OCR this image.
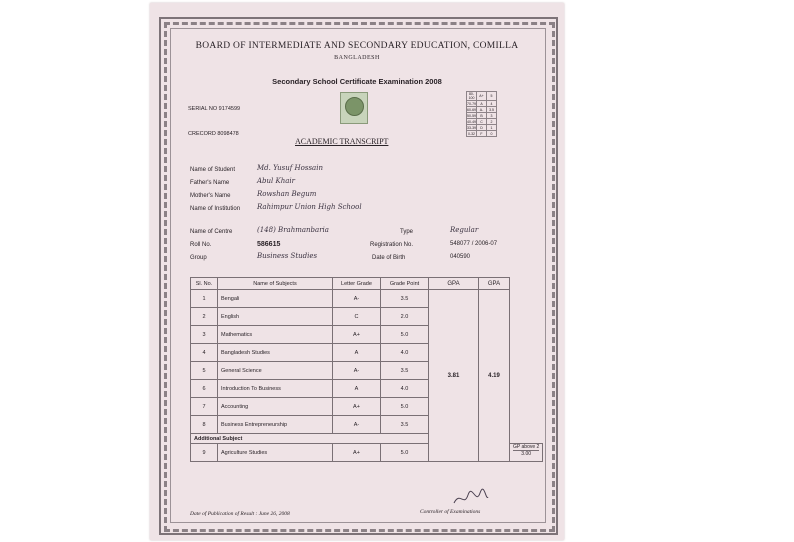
BOARD OF INTERMEDIATE AND SECONDARY EDUCATION, COMILLA
BANGLADESH
Secondary School Certificate Examination 2008
SERIAL NO 9174599
CRECORD 8098478
ACADEMIC TRANSCRIPT
80-100	A+	5
70-79	A	4
60-69	A-	3.5
50-59	B	3
40-49	C	2
33-39	D	1
0-32	F	0
Name of Student	Md. Yusuf Hossain
Father's Name	Abul Khair
Mother's Name	Rowshan Begum
Name of Institution Rahimpur Union High School
Name of Centre	(148) Brahmanbaria	Type	Regular
Roll No.	586615	Registration No.	548077 / 2006-07
Group	Business Studies	Date of Birth	040590
Sl. No.	Name of Subjects	Letter Grade	Grade Point	GPA	GPA	
1	Bengali	A-	3.5	3.81	4.19	
2	English	C	2.0			
3	Mathematics	A+	5.0			
4	Bangladesh Studies	A	4.0			
5	General Science	A-	3.5			
6	Introduction To Business	A	4.0			
7	Accounting	A+	5.0			
8	Business Entrepreneurship	A-	3.5			
Additional Subject						
9	Agriculture Studies	A+	5.0			GP above 2
3.00
Date of Publication of Result : June 26, 2008	Controller of Examinations
